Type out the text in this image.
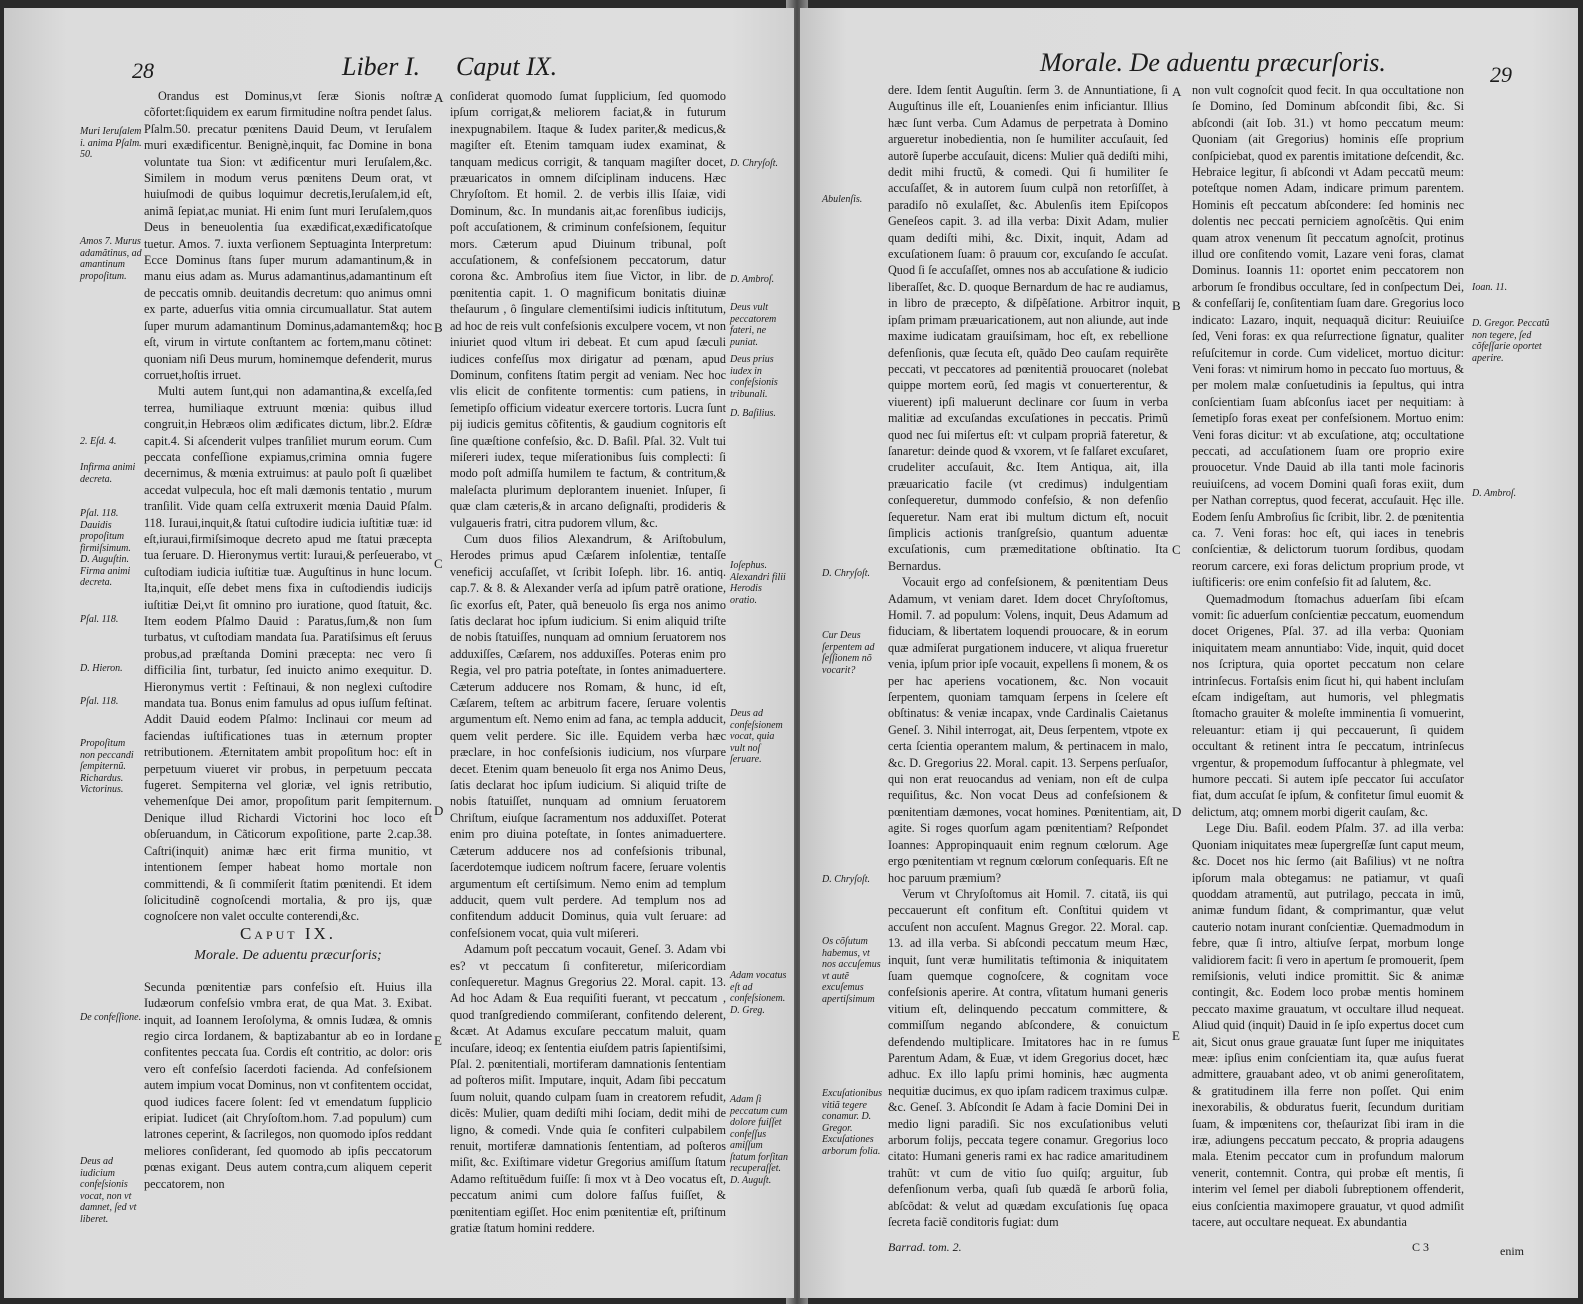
28	Liber I. Caput IX.
Muri Ieruſalem i. anima Pſalm. 50.
Amos 7. Murus adamãtinus, ad amantinum propoſitum.
2. Eſd. 4.
Infirma animi decreta.
Pſal. 118. Dauidis propoſitum firmiſsimum. D. Auguſtin. Firma animi decreta.
Pſal. 118.
D. Hieron.
Pſal. 118.
Propoſitum non peccandi ſempiternũ. Richardus. Victorinus.
De confeſſione.
Deus ad iudicium confeſsionis vocat, non vt damnet, ſed vt liberet.

Orandus est Dominus,vt ſeræ Sionis noſtræ cõfortet:ſiquidem ex earum firmitudine noſtra pendet ſalus. Pſalm.50. precatur pœnitens Dauid Deum, vt Ieruſalem muri exædificentur. Benignè,inquit, fac Domine in bona voluntate tua Sion: vt ædificentur muri Ieruſalem,&c. Similem in modum verus pœnitens Deum orat, vt huiuſmodi de quibus loquimur decretis,Ieruſalem,id eſt, animã ſepiat,ac muniat. Hi enim ſunt muri Ieruſalem,quos Deus in beneuolentia ſua exædificat,exædificatoſque tuetur. Amos. 7. iuxta verſionem Septuaginta Interpretum: Ecce Dominus ſtans ſuper murum adamantinum,& in manu eius adam as. Murus adamantinus,adamantinum eſt de peccatis omnib. deuitandis decretum: quo animus omni ex parte, aduerſus vitia omnia circumuallatur. Stat autem ſuper murum adamantinum Dominus,adamantem&q; hoc eſt, virum in virtute conſtantem ac fortem,manu cõtinet: quoniam niſi Deus murum, hominemque defenderit, murus corruet,hoſtis irruet.

Multi autem ſunt,qui non adamantina,& excelſa,ſed terrea, humiliaque extruunt mœnia: quibus illud congruit,in Hebræos olim ædificates dictum, libr.2. Eſdræ capit.4. Si aſcenderit vulpes tranſiliet murum eorum. Cum peccata confeſſione expiamus,crimina omnia fugere decernimus, & mœnia extruimus: at paulo poſt ſi quælibet accedat vulpecula, hoc eſt mali dæmonis tentatio , murum tranſilit. Vide quam celſa extruxerit mœnia Dauid Pſalm. 118. Iuraui,inquit,& ſtatui cuſtodire iudicia iuſtitiæ tuæ: id eſt,iuraui,firmiſsimoque decreto apud me ſtatui præcepta tua ſeruare. D. Hieronymus vertit: Iuraui,& perſeuerabo, vt cuſtodiam iudicia iuſtitiæ tuæ. Auguſtinus in hunc locum. Ita,inquit, eſſe debet mens fixa in cuſtodiendis iudicijs iuſtitiæ Dei,vt ſit omnino pro iuratione, quod ſtatuit, &c. Item eodem Pſalmo Dauid : Paratus,ſum,& non ſum turbatus, vt cuſtodiam mandata ſua. Paratiſsimus eſt ſeruus probus,ad præſtanda Domini præcepta: nec vero ſi difficilia ſint, turbatur, ſed inuicto animo exequitur. D. Hieronymus vertit : Feſtinaui, & non neglexi cuſtodire mandata tua. Bonus enim famulus ad opus iuſſum feſtinat. Addit Dauid eodem Pſalmo: Inclinaui cor meum ad faciendas iuſtificationes tuas in æternum propter retributionem. Æternitatem ambit propoſitum hoc: eſt in perpetuum viueret vir probus, in perpetuum peccata fugeret. Sempiterna vel gloriæ, vel ignis retributio, vehemenſque Dei amor, propoſitum parit ſempiternum. Denique illud Richardi Victorini hoc loco eſt obſeruandum, in Cãticorum expoſitione, parte 2.cap.38. Caſtri(inquit) animæ hæc erit firma munitio, vt intentionem ſemper habeat homo mortale non committendi, & ſi commiſerit ſtatim pœnitendi. Et idem ſolicitudinẽ cognoſcendi mortalia, & pro ijs, quæ cognoſcere non valet occulte conterendi,&c.

Caput IX.
Morale. De aduentu præcurſoris;

Secunda pœnitentiæ pars confeſsio eſt. Huius illa Iudæorum confeſsio vmbra erat, de qua Mat. 3. Exibat. inquit, ad Ioannem Ieroſolyma, & omnis Iudæa, & omnis regio circa Iordanem, & baptizabantur ab eo in Iordane confitentes peccata ſua. Cordis eſt contritio, ac dolor: oris vero eſt confeſsio ſacerdoti facienda. Ad confeſsionem autem impium vocat Dominus, non vt confitentem occidat, quod iudices facere ſolent: ſed vt emendatum ſupplicio eripiat. Iudicet (ait Chryſoſtom.hom. 7.ad populum) cum latrones ceperint, & ſacrilegos, non quomodo ipſos reddant meliores conſiderant, ſed quomodo ab ipſis peccatorum pœnas exigant. Deus autem contra,cum aliquem ceperit peccatorem, non

A
B
C
D
E

conſiderat quomodo ſumat ſupplicium, ſed quomodo ipſum corrigat,& meliorem faciat,& in futurum inexpugnabilem. Itaque & Iudex pariter,& medicus,& magiſter eſt. Etenim tamquam iudex examinat, & tanquam medicus corrigit, & tanquam magiſter docet, præuaricatos in omnem diſciplinam inducens. Hæc Chryſoſtom. Et homil. 2. de verbis illis Iſaiæ, vidi Dominum, &c. In mundanis ait,ac forenſibus iudicijs, poſt accuſationem, & criminum confeſsionem, ſequitur mors. Cæterum apud Diuinum tribunal, poſt accuſationem, & confeſsionem peccatorum, datur corona &c. Ambroſius item ſiue Victor, in libr. de pœnitentia capit. 1. O magnificum bonitatis diuinæ theſaurum , ô ſingulare clementiſsimi iudicis inſtitutum, ad hoc de reis vult confeſsionis exculpere vocem, vt non iniuriet quod vltum iri debeat. Et cum apud ſæculi iudices confeſſus mox dirigatur ad pœnam, apud Dominum, confitens ſtatim pergit ad veniam. Nec hoc vlis elicit de confitente tormentis: cum patiens, in ſemetipſo officium videatur exercere tortoris. Lucra ſunt pij iudicis gemitus cõfitentis, & gaudium cognitoris eſt ſine quæſtione confeſsio, &c. D. Baſil. Pſal. 32. Vult tui miſereri iudex, teque miſerationibus ſuis complecti: ſi modo poſt admiſſa humilem te factum, & contritum,& maleſacta plurimum deplorantem inueniet. Inſuper, ſi quæ clam cæteris,& in arcano deſignaſti, prodideris & vulgaueris fratri, citra pudorem vllum, &c.

Cum duos filios Alexandrum, & Ariſtobulum, Herodes primus apud Cæſarem inſolentiæ, tentaſſe veneficij accuſaſſet, vt ſcribit Ioſeph. libr. 16. antiq. cap.7. & 8. & Alexander verſa ad ipſum patrẽ oratione, ſic exorſus eſt, Pater, quã beneuolo ſis erga nos animo ſatis declarat hoc ipſum iudicium. Si enim aliquid triſte de nobis ſtatuiſſes, nunquam ad omnium ſeruatorem nos adduxiſſes, Cæſarem, nos adduxiſſes. Poteras enim pro Regia, vel pro patria poteſtate, in ſontes animaduertere. Cæterum adducere nos Romam, & hunc, id eſt, Cæſarem, teſtem ac arbitrum facere, ſeruare volentis argumentum eſt. Nemo enim ad fana, ac templa adducit, quem velit perdere. Sic ille. Equidem verba hæc præclare, in hoc confeſsionis iudicium, nos vſurpare decet. Etenim quam beneuolo ſit erga nos Animo Deus, ſatis declarat hoc ipſum iudicium. Si aliquid triſte de nobis ſtatuiſſet, nunquam ad omnium ſeruatorem Chriſtum, eiuſque ſacramentum nos adduxiſſet. Poterat enim pro diuina poteſtate, in ſontes animaduertere. Cæterum adducere nos ad confeſsionis tribunal, ſacerdotemque iudicem noſtrum facere, ſeruare volentis argumentum eſt certiſsimum. Nemo enim ad templum adducit, quem vult perdere. Ad templum nos ad confitendum adducit Dominus, quia vult ſeruare: ad confeſsionem vocat, quia vult miſereri.

Adamum poſt peccatum vocauit, Geneſ. 3. Adam vbi es? vt peccatum ſi confiteretur, miſericordiam conſequeretur. Magnus Gregorius 22. Moral. capit. 13. Ad hoc Adam & Eua requiſiti fuerant, vt peccatum , quod tranſgrediendo commiſerant, confitendo delerent, &cæt. At Adamus excuſare peccatum maluit, quam incuſare, ideoq; ex ſententia eiuſdem patris ſapientiſsimi, Pſal. 2. pœnitentiali, mortiferam damnationis ſententiam ad poſteros miſit. Imputare, inquit, Adam ſibi peccatum ſuum noluit, quando culpam ſuam in creatorem refudit, dicẽs: Mulier, quam dediſti mihi ſociam, dedit mihi de ligno, & comedi. Vnde quia ſe confiteri culpabilem renuit, mortiferæ damnationis ſententiam, ad poſteros miſit, &c. Exiſtimare videtur Gregorius amiſſum ſtatum Adamo reſtituẽdum fuiſſe: ſi mox vt à Deo vocatus eſt, peccatum animi cum dolore faſſus fuiſſet, & pœnitentiam egiſſet. Hoc enim pœnitentiæ eſt, priſtinum gratiæ ſtatum homini reddere.

D. Chryſoſt.
D. Ambroſ.
Deus vult peccatorem fateri, ne puniat.
Deus prius iudex in confeſsionis tribunali.
D. Baſilius.
Ioſephus. Alexandri filii Herodis oratio.
Deus ad confeſsionem vocat, quia vult noſ ſeruare.
Adam vocatus eſt ad confeſsionem. D. Greg.
Adam ſi peccatum cum dolore fuiſſet confeſſus amiſſum ſtatum forſitan recuperaſſet. D. Auguſt.
Morale. De aduentu præcurſoris.	29
Abulenſis.
D. Chryſoſt.
Cur Deus ſerpentem ad ſeſſionem nõ vocarit?
D. Chryſoſt.
Os cõſutum habemus, vt nos accuſemus vt autẽ excuſemus apertiſsimum
Excuſationibus vitiã tegere conamur. D. Gregor. Excuſationes arborum folia.

dere. Idem ſentit Auguſtin. ſerm 3. de Annuntiatione, ſi Auguſtinus ille eſt, Louanienſes enim inficiantur. Illius hæc ſunt verba. Cum Adamus de perpetrata à Domino argueretur inobedientia, non ſe humiliter accuſauit, ſed autorẽ ſuperbe accuſauit, dicens: Mulier quã dediſti mihi, dedit mihi fructũ, & comedi. Qui ſi humiliter ſe accuſaſſet, & in autorem ſuum culpã non retorſiſſet, à paradiſo nõ exulaſſet, &c. Abulenſis item Epiſcopos Geneſeos capit. 3. ad illa verba: Dixit Adam, mulier quam dediſti mihi, &c. Dixit, inquit, Adam ad excuſationem ſuam: ô prauum cor, excuſando ſe accuſat. Quod ſi ſe accuſaſſet, omnes nos ab accuſatione & iudicio liberaſſet, &c. D. quoque Bernardum de hac re audiamus, in libro de præcepto, & diſpẽſatione. Arbitror inquit, ipſam primam præuaricationem, aut non aliunde, aut inde maxime iudicatam grauiſsimam, hoc eſt, ex rebellione defenſionis, quæ ſecuta eſt, quãdo Deo cauſam requirẽte peccati, vt peccatores ad pœnitentiã prouocaret (nolebat quippe mortem eorũ, ſed magis vt conuerterentur, & viuerent) ipſi maluerunt declinare cor ſuum in verba malitiæ ad excuſandas excuſationes in peccatis. Primũ quod nec ſui miſertus eſt: vt culpam propriã fateretur, & ſanaretur: deinde quod & vxorem, vt ſe falſaret excuſaret, crudeliter accuſauit, &c. Item Antiqua, ait, illa præuaricatio facile (vt credimus) indulgentiam conſequeretur, dummodo confeſsio, & non defenſio ſequeretur. Nam erat ibi multum dictum eſt, nocuit ſimplicis actionis tranſgreſsio, quantum aduentæ excuſationis, cum præmeditatione obſtinatio. Ita Bernardus.

Vocauit ergo ad confeſsionem, & pœnitentiam Deus Adamum, vt veniam daret. Idem docet Chryſoſtomus, Homil. 7. ad populum: Volens, inquit, Deus Adamum ad fiduciam, & libertatem loquendi prouocare, & in eorum quæ admiſerat purgationem inducere, vt aliqua frueretur venia, ipſum prior ipſe vocauit, expellens ſi monem, & os per hac aperiens vocationem, &c. Non vocauit ſerpentem, quoniam tamquam ſerpens in ſcelere eſt obſtinatus: & veniæ incapax, vnde Cardinalis Caietanus Geneſ. 3. Nihil interrogat, ait, Deus ſerpentem, vtpote ex certa ſcientia operantem malum, & pertinacem in malo, &c. D. Gregorius 22. Moral. capit. 13. Serpens perſuaſor, qui non erat reuocandus ad veniam, non eſt de culpa requiſitus, &c. Non vocat Deus ad confeſsionem & pœnitentiam dæmones, vocat homines. Pœnitentiam, ait, agite. Si roges quorſum agam pœnitentiam? Reſpondet Ioannes: Appropinquauit enim regnum cœlorum. Age ergo pœnitentiam vt regnum cœlorum conſequaris. Eſt ne hoc paruum præmium?

Verum vt Chryſoſtomus ait Homil. 7. citatã, iis qui peccauerunt eſt confitum eſt. Conſtitui quidem vt accuſent non accuſent. Magnus Gregor. 22. Moral. cap. 13. ad illa verba. Si abſcondi peccatum meum Hæc, inquit, ſunt veræ humilitatis teſtimonia & iniquitatem ſuam quemque cognoſcere, & cognitam voce confeſsionis aperire. At contra, vſitatum humani generis vitium eſt, delinquendo peccatum committere, & commiſſum negando abſcondere, & conuictum defendendo multiplicare. Imitatores hac in re ſumus Parentum Adam, & Euæ, vt idem Gregorius docet, hæc adhuc. Ex illo lapſu primi hominis, hæc augmenta nequitiæ ducimus, ex quo ipſam radicem traximus culpæ. &c. Geneſ. 3. Abſcondit ſe Adam à facie Domini Dei in medio ligni paradiſi. Sic nos excuſationibus veluti arborum folijs, peccata tegere conamur. Gregorius loco citato: Humani generis rami ex hac radice amaritudinem trahũt: vt cum de vitio ſuo quiſq; arguitur, ſub defenſionum verba, quaſi ſub quædã ſe arborũ folia, abſcõdat: & velut ad quædam excuſationis ſuę opaca ſecreta faciẽ conditoris fugiat: dum

Barrad. tom. 2.
A
B
C
D
E

non vult cognoſcit quod fecit. In qua occultatione non ſe Domino, ſed Dominum abſcondit ſibi, &c. Si abſcondi (ait Iob. 31.) vt homo peccatum meum: Quoniam (ait Gregorius) hominis eſſe proprium conſpiciebat, quod ex parentis imitatione deſcendit, &c. Hebraice legitur, ſi abſcondi vt Adam peccatũ meum: poteſtque nomen Adam, indicare primum parentem. Hominis eſt peccatum abſcondere: ſed hominis nec dolentis nec peccati perniciem agnoſcẽtis. Qui enim quam atrox venenum ſit peccatum agnoſcit, protinus illud ore conſitendo vomit, Lazare veni foras, clamat Dominus. Ioannis 11: oportet enim peccatorem non arborum ſe frondibus occultare, ſed in conſpectum Dei, & confeſſarij ſe, conſitentiam ſuam dare. Gregorius loco indicato: Lazaro, inquit, nequaquã dicitur: Reuiuiſce ſed, Veni foras: ex qua reſurrectione ſignatur, qualiter reſuſcitemur in corde. Cum videlicet, mortuo dicitur: Veni foras: vt nimirum homo in peccato ſuo mortuus, & per molem malæ conſuetudinis ia ſepultus, qui intra conſcientiam ſuam abſconſus iacet per nequitiam: à ſemetipſo foras exeat per confeſsionem. Mortuo enim: Veni foras dicitur: vt ab excuſatione, atq; occultatione peccati, ad accuſationem ſuam ore proprio exire prouocetur. Vnde Dauid ab illa tanti mole facinoris reuiuiſcens, ad vocem Domini quaſi foras exiit, dum per Nathan correptus, quod fecerat, accuſauit. Hęc ille. Eodem ſenſu Ambroſius ſic ſcribit, libr. 2. de pœnitentia ca. 7. Veni foras: hoc eſt, qui iaces in tenebris conſcientiæ, & delictorum tuorum ſordibus, quodam reorum carcere, exi foras delictum proprium prode, vt iuſtificeris: ore enim confeſsio fit ad ſalutem, &c.

Quemadmodum ſtomachus aduerſam ſibi eſcam vomit: ſic aduerſum conſcientiæ peccatum, euomendum docet Origenes, Pſal. 37. ad illa verba: Quoniam iniquitatem meam annuntiabo: Vide, inquit, quid docet nos ſcriptura, quia oportet peccatum non celare intrinſecus. Fortaſsis enim ſicut hi, qui habent incluſam eſcam indigeſtam, aut humoris, vel phlegmatis ſtomacho grauiter & moleſte imminentia ſi vomuerint, releuantur: etiam ij qui peccauerunt, ſi quidem occultant & retinent intra ſe peccatum, intrinſecus vrgentur, & propemodum ſuffocantur à phlegmate, vel humore peccati. Si autem ipſe peccator ſui accuſator fiat, dum accuſat ſe ipſum, & confitetur ſimul euomit & delictum, atq; omnem morbi digerit cauſam, &c.

Lege Diu. Baſil. eodem Pſalm. 37. ad illa verba: Quoniam iniquitates meæ ſupergreſſæ ſunt caput meum, &c. Docet nos hic ſermo (ait Baſilius) vt ne noſtra ipſorum mala obtegamus: ne patiamur, vt quaſi quoddam atramentũ, aut putrilago, peccata in imũ, animæ fundum ſidant, & comprimantur, quæ velut cauterio notam inurant conſcientiæ. Quemadmodum in febre, quæ ſi intro, altiuſve ſerpat, morbum longe validiorem facit: ſi vero in apertum ſe promouerit, ſpem remiſsionis, veluti indice promittit. Sic & animæ contingit, &c. Eodem loco probæ mentis hominem peccato maxime grauatum, vt occultare illud nequeat. Aliud quid (inquit) Dauid in ſe ipſo expertus docet cum ait, Sicut onus graue grauatæ ſunt ſuper me iniquitates meæ: ipſius enim conſcientiam ita, quæ auſus fuerat admittere, grauabant adeo, vt ob animi generoſitatem, & gratitudinem illa ferre non poſſet. Qui enim inexorabilis, & obduratus fuerit, ſecundum duritiam ſuam, & impœnitens cor, theſaurizat ſibi iram in die iræ, adiungens peccatum peccato, & propria adaugens mala. Etenim peccator cum in profundum malorum venerit, contemnit. Contra, qui probæ eſt mentis, ſi interim vel ſemel per diaboli ſubreptionem offenderit, eius conſcientia maximopere grauatur, vt quod admiſit tacere, aut occultare nequeat. Ex abundantia

C 3	enim
Ioan. 11.
D. Gregor. Peccatũ non tegere, ſed cõfeſſarie oportet aperire.
D. Ambroſ.
